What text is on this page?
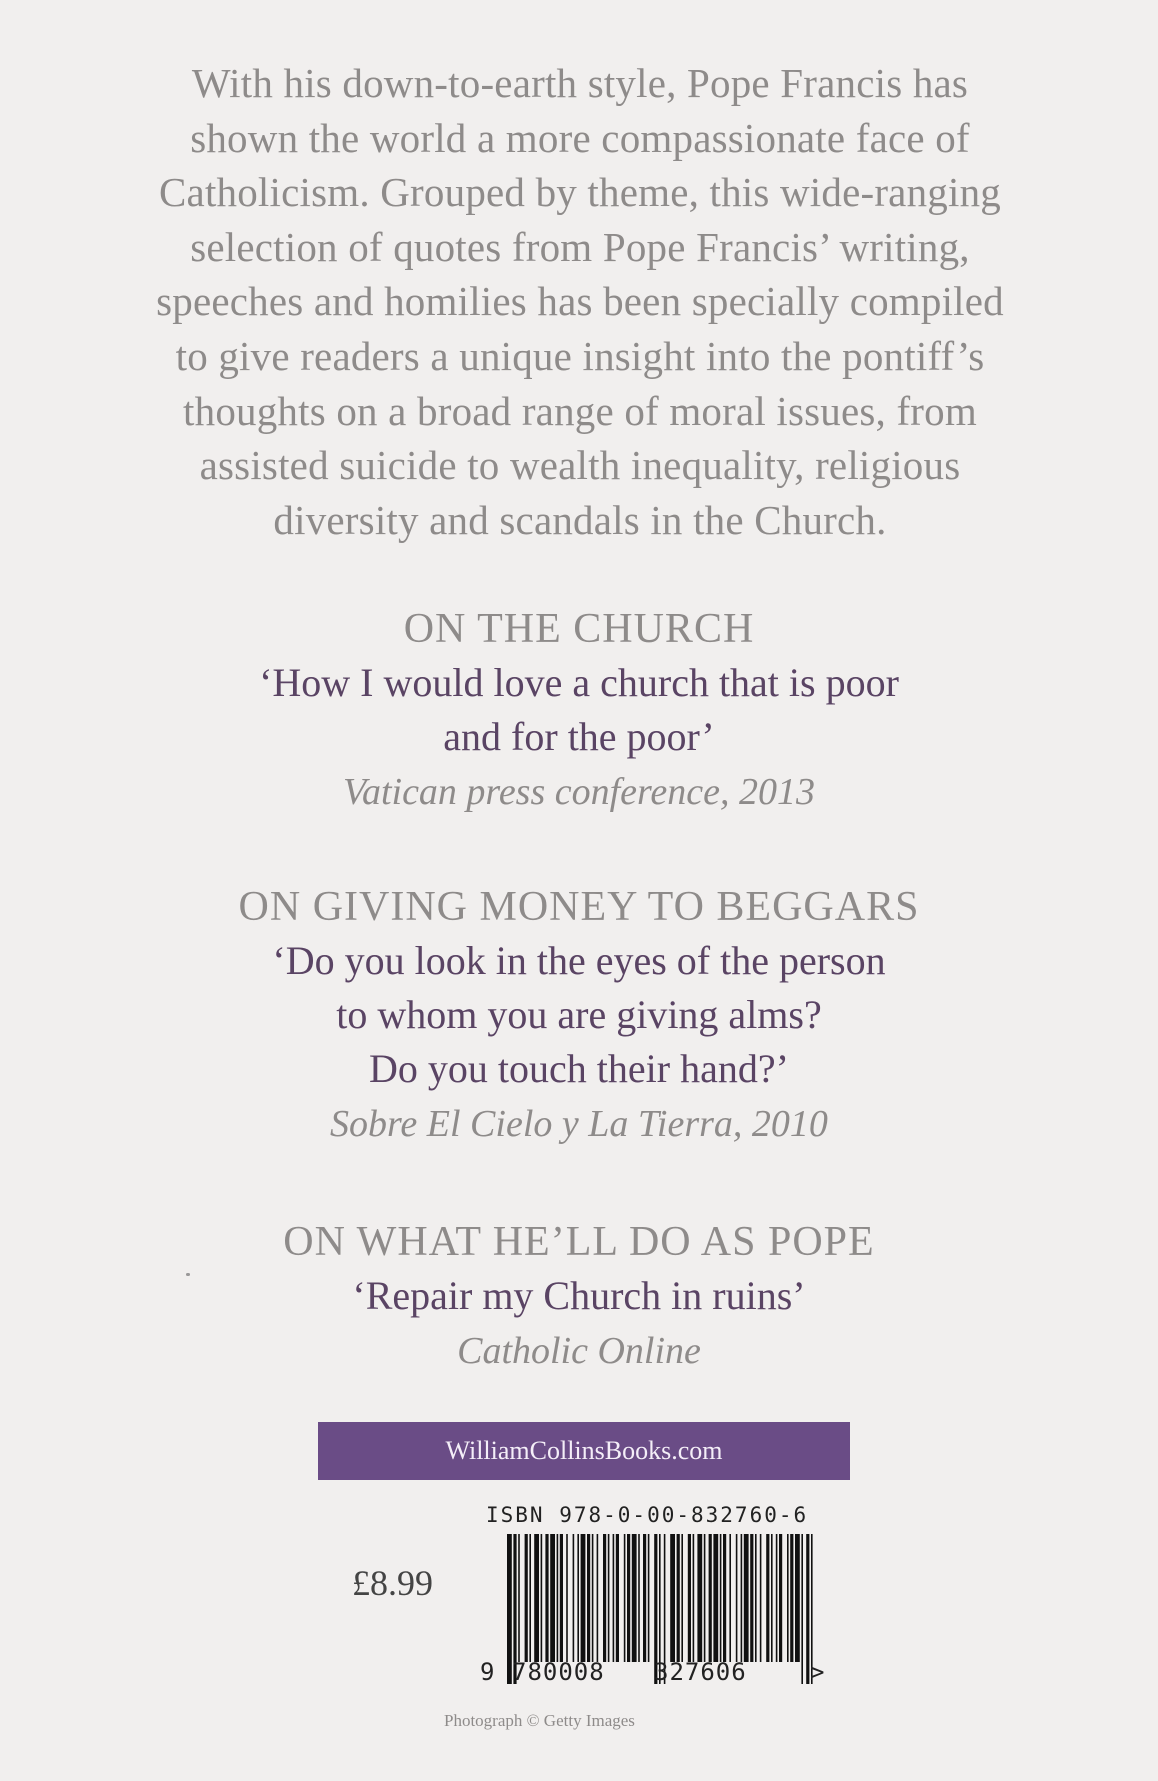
With his down-to-earth style, Pope Francis has
shown the world a more compassionate face of
Catholicism. Grouped by theme, this wide-ranging
selection of quotes from Pope Francis’ writing,
speeches and homilies has been specially compiled
to give readers a unique insight into the pontiff’s
thoughts on a broad range of moral issues, from
assisted suicide to wealth inequality, religious
diversity and scandals in the Church.
ON THE CHURCH
‘How I would love a church that is poor
and for the poor’
Vatican press conference, 2013
ON GIVING MONEY TO BEGGARS
‘Do you look in the eyes of the person
to whom you are giving alms?
Do you touch their hand?’
Sobre El Cielo y La Tierra, 2010
ON WHAT HE’LL DO AS POPE
‘Repair my Church in ruins’
Catholic Online
WilliamCollinsBooks.com
ISBN 978-0-00-832760-6
£8.99
9 780008 327606	>
Photograph © Getty Images
